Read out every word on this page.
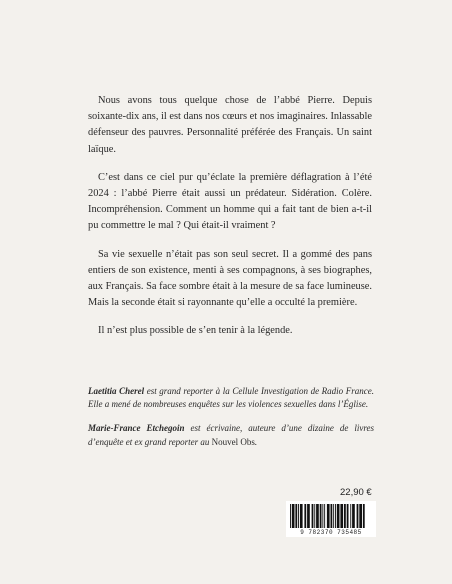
Nous avons tous quelque chose de l’abbé Pierre. Depuis soixante-dix ans, il est dans nos cœurs et nos imaginaires. Inlassable défenseur des pauvres. Personnalité préférée des Français. Un saint laïque.

C’est dans ce ciel pur qu’éclate la première déflagration à l’été 2024 : l’abbé Pierre était aussi un prédateur. Sidération. Colère. Incompréhension. Comment un homme qui a fait tant de bien a-t-il pu commettre le mal ? Qui était-il vraiment ?

Sa vie sexuelle n’était pas son seul secret. Il a gommé des pans entiers de son existence, menti à ses compagnons, à ses biographes, aux Français. Sa face sombre était à la mesure de sa face lumineuse. Mais la seconde était si rayonnante qu’elle a occulté la première.

Il n’est plus possible de s’en tenir à la légende.

Laetitia Cherel est grand reporter à la Cellule Investigation de Radio France. Elle a mené de nombreuses enquêtes sur les violences sexuelles dans l’Église.

Marie-France Etchegoin est écrivaine, auteure d’une dizaine de livres d’enquête et ex grand reporter au Nouvel Obs.

22,90 €
9 782370 735485
